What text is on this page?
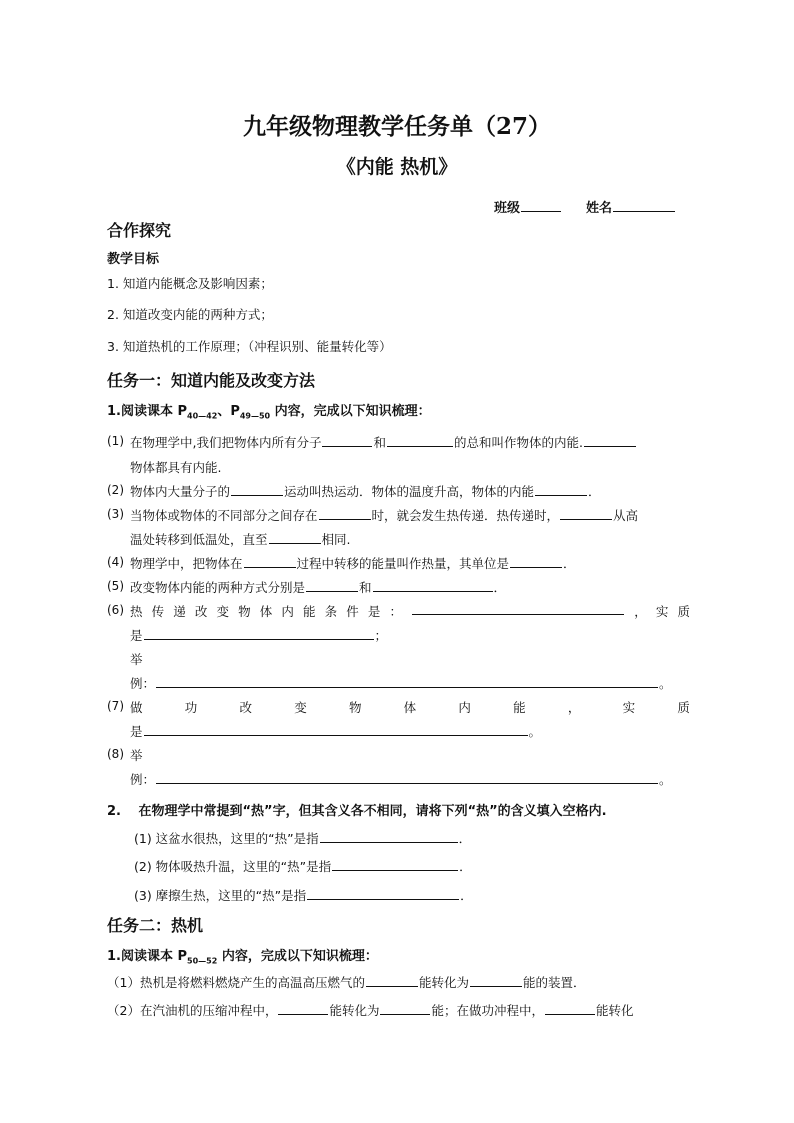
九年级物理教学任务单（27）
《内能 热机》
班级	姓名
合作探究
教学目标
1. 知道内能概念及影响因素；
2. 知道改变内能的两种方式；
3. 知道热机的工作原理；（冲程识别、能量转化等）
任务一：知道内能及改变方法
1.阅读课本 $P_{40—42}$、$P_{49—50}$ 内容，完成以下知识梳理：
(1) 在物理学中,我们把物体内所有分子	和	的总和叫作物体的内能.
物体都具有内能.
(2) 物体内大量分子的	运动叫热运动．物体的温度升高，物体的内能	．
(3) 当物体或物体的不同部分之间存在	时，就会发生热传递．热传递时，	从高
温处转移到低温处，直至	相同.
(4) 物理学中，把物体在	过程中转移的能量叫作热量，其单位是	．
(5) 改变物体内能的两种方式分别是	和	．
(6) 热 传 递 改 变 物 体 内 能 条 件 是 ：	， 实 质
是	；
举
例：	。
(7) 做	功	改	变	物	体	内	能	，	实	质
是	。
(8) 举
例：	。
2.　 在物理学中常提到“热”字，但其含义各不相同，请将下列“热”的含义填入空格内.
(1) 这盆水很热，这里的“热”是指	．
(2) 物体吸热升温，这里的“热”是指	．
(3) 摩擦生热，这里的“热”是指	．
任务二：热机
1.阅读课本 $P_{50—52}$ 内容，完成以下知识梳理：
（1）热机是将燃料燃烧产生的高温高压燃气的	能转化为	能的装置．
（2）在汽油机的压缩冲程中，	能转化为	能；在做功冲程中，	能转化
